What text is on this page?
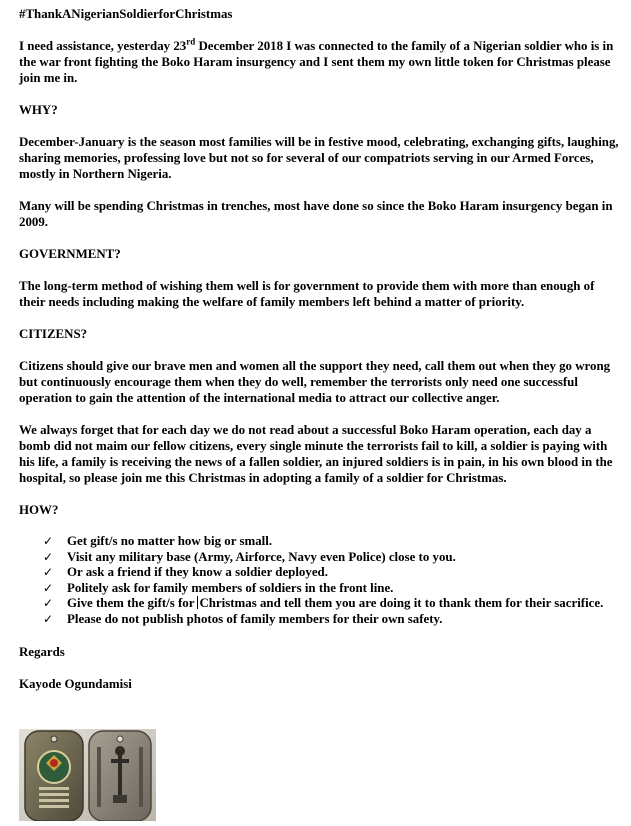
#ThankANigerianSoldierforChristmas

I need assistance, yesterday 23rd December 2018 I was connected to the family of a Nigerian soldier who is in the war front fighting the Boko Haram insurgency and I sent them my own little token for Christmas please join me in.

WHY?

December-January is the season most families will be in festive mood, celebrating, exchanging gifts, laughing, sharing memories, professing love but not so for several of our compatriots serving in our Armed Forces, mostly in Northern Nigeria.

Many will be spending Christmas in trenches, most have done so since the Boko Haram insurgency began in 2009.

GOVERNMENT?

The long-term method of wishing them well is for government to provide them with more than enough of their needs including making the welfare of family members left behind a matter of priority.

CITIZENS?

Citizens should give our brave men and women all the support they need, call them out when they go wrong but continuously encourage them when they do well, remember the terrorists only need one successful operation to gain the attention of the international media to attract our collective anger.

We always forget that for each day we do not read about a successful Boko Haram operation, each day a bomb did not maim our fellow citizens, every single minute the terrorists fail to kill, a soldier is paying with his life, a family is receiving the news of a fallen soldier, an injured soldiers is in pain, in his own blood in the hospital, so please join me this Christmas in adopting a family of a soldier for Christmas.

HOW?

✓ Get gift/s no matter how big or small.
✓ Visit any military base (Army, Airforce, Navy even Police) close to you.
✓ Or ask a friend if they know a soldier deployed.
✓ Politely ask for family members of soldiers in the front line.
✓ Give them the gift/s for Christmas and tell them you are doing it to thank them for their sacrifice.
✓ Please do not publish photos of family members for their own safety.

Regards

Kayode Ogundamisi
